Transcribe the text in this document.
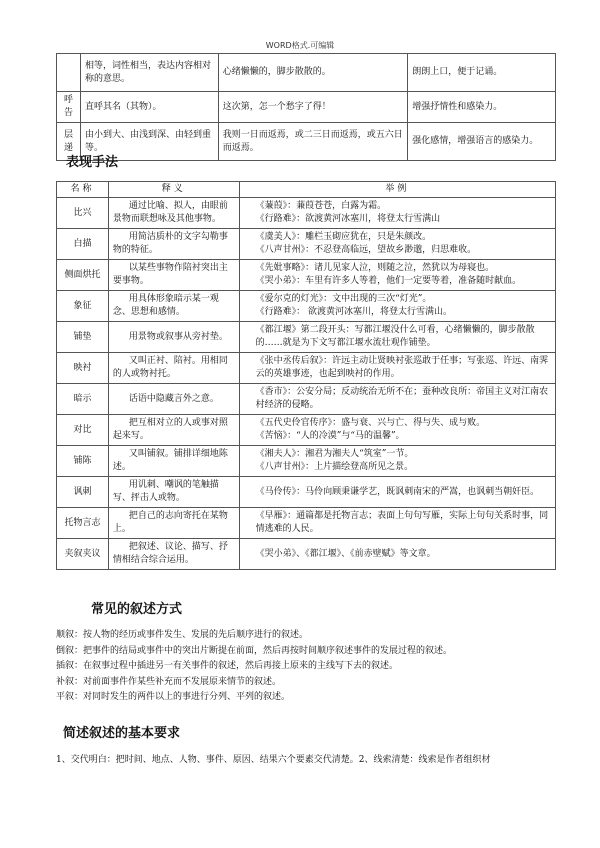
WORD格式.可编辑
	相等，词性相当，表达内容相对称的意思。	心绪懒懒的，脚步散散的。	朗朗上口，便于记诵。
呼告	直呼其名（其物）。	这次第，怎一个愁字了得！	增强抒情性和感染力。
层递	由小到大、由浅到深、由轻到重等。	我则一日而返焉，或二三日而返焉，或五六日而返焉。	强化感情，增强语言的感染力。
表现手法
名称	释义	举例
比兴	通过比喻、拟人，由眼前景物而联想咏及其他事物。	《蒹葭》：蒹葭苍苍，白露为霜。
《行路难》：欲渡黄河冰塞川，将登太行雪满山

白描	用简洁质朴的文字勾勒事物的特征。	《虞美人》：雕栏玉砌应犹在，只是朱颜改。
《八声甘州》：不忍登高临远，望故乡渺邈，归思难收。

侧面烘托	以某些事物作陪衬突出主要事物。	《先妣事略》：诸儿见家人泣，则随之泣，然犹以为母寝也。
《哭小弟》：车里有许多人等着，他们一定要等着，准备随时献血。

象征	用具体形象暗示某一观念、思想和感情。	《爱尔克的灯光》：文中出现的三次“灯光”。
《行路难》： 欲渡黄河冰塞川，将登太行雪满山。

铺垫	用景物或叙事从旁衬垫。	《都江堰》第二段开头：写都江堰没什么可看，心绪懒懒的，脚步散散的……就是为下文写都江堰水流壮观作铺垫。

映衬	又叫正衬、陪衬。用相同的人或物衬托。	《张中丞传后叙》：许远主动让贤映衬张巡敢于任事；写张巡、许远、南霁云的英雄事迹，也起到映衬的作用。

暗示	话语中隐藏言外之意。	《香市》：公安分局；反动统治无所不在；蚕种改良所：帝国主义对江南农村经济的侵略。

对比	把互相对立的人或事对照起来写。	《五代史伶官传序》：盛与衰、兴与亡、得与失、成与败。
《苦恼》：“人的冷漠”与“马的温馨”。

铺陈	又叫铺叙。铺排详细地陈述。	《湘夫人》：湘君为湘夫人“筑室”一节。
《八声甘州》：上片描绘登高所见之景。

讽刺	用讥刺、嘲讽的笔触描写、抨击人或物。	《马伶传》：马伶向顾秉谦学艺，既讽刺南宋的严嵩，也讽刺当朝奸臣。

托物言志	把自己的志向寄托在某物上。	《早雁》：通篇都是托物言志；表面上句句写雁，实际上句句关系时事，同情逃难的人民。

夹叙夹议	把叙述、议论、描写、抒情相结合综合运用。	《哭小弟》、《都江堰》、《前赤壁赋》等文章。
常见的叙述方式

顺叙：按人物的经历或事件发生、发展的先后顺序进行的叙述。

倒叙：把事件的结局或事件中的突出片断提在前面，然后再按时间顺序叙述事件的发展过程的叙述。

插叙：在叙事过程中插进另一有关事件的叙述，然后再接上原来的主线写下去的叙述。

补叙：对前面事件作某些补充而不发展原来情节的叙述。

平叙：对同时发生的两件以上的事进行分列、平列的叙述。

简述叙述的基本要求
1、交代明白：把时间、地点、人物、事件、原因、结果六个要素交代清楚。2、线索清楚：线索是作者组织材
